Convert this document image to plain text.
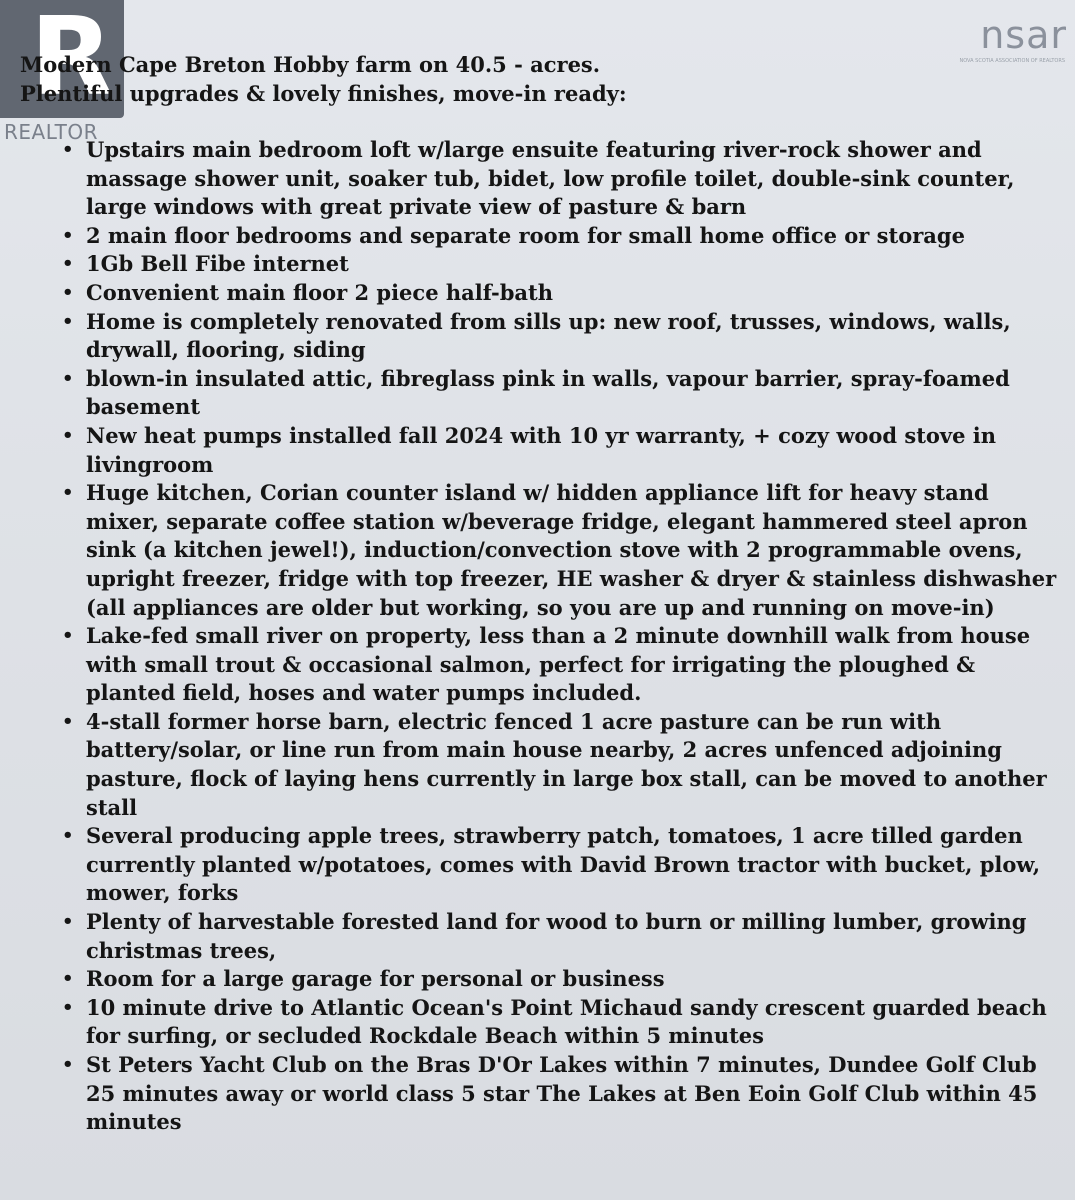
R
REALTOR
nsar
NOVA SCOTIA ASSOCIATION OF REALTORS
Modern Cape Breton Hobby farm on 40.5 - acres.
Plentiful upgrades & lovely finishes, move-in ready:
• Upstairs main bedroom loft w/large ensuite featuring river-rock shower and massage shower unit, soaker tub, bidet, low profile toilet, double-sink counter, large windows with great private view of pasture & barn
• 2 main floor bedrooms and separate room for small home office or storage
• 1Gb Bell Fibe internet
• Convenient main floor 2 piece half-bath
• Home is completely renovated from sills up: new roof, trusses, windows, walls, drywall, flooring, siding
• blown-in insulated attic, fibreglass pink in walls, vapour barrier, spray-foamed basement
• New heat pumps installed fall 2024 with 10 yr warranty, + cozy wood stove in livingroom
• Huge kitchen, Corian counter island w/ hidden appliance lift for heavy stand mixer, separate coffee station w/beverage fridge, elegant hammered steel apron sink (a kitchen jewel!), induction/convection stove with 2 programmable ovens, upright freezer, fridge with top freezer, HE washer & dryer & stainless dishwasher (all appliances are older but working, so you are up and running on move-in)
• Lake-fed small river on property, less than a 2 minute downhill walk from house with small trout & occasional salmon, perfect for irrigating the ploughed & planted field, hoses and water pumps included.
• 4-stall former horse barn, electric fenced 1 acre pasture can be run with battery/solar, or line run from main house nearby, 2 acres unfenced adjoining pasture, flock of laying hens currently in large box stall, can be moved to another stall
• Several producing apple trees, strawberry patch, tomatoes, 1 acre tilled garden currently planted w/potatoes, comes with David Brown tractor with bucket, plow, mower, forks
• Plenty of harvestable forested land for wood to burn or milling lumber, growing christmas trees,
• Room for a large garage for personal or business
• 10 minute drive to Atlantic Ocean's Point Michaud sandy crescent guarded beach for surfing, or secluded Rockdale Beach within 5 minutes
• St Peters Yacht Club on the Bras D'Or Lakes within 7 minutes, Dundee Golf Club 25 minutes away or world class 5 star The Lakes at Ben Eoin Golf Club within 45 minutes
